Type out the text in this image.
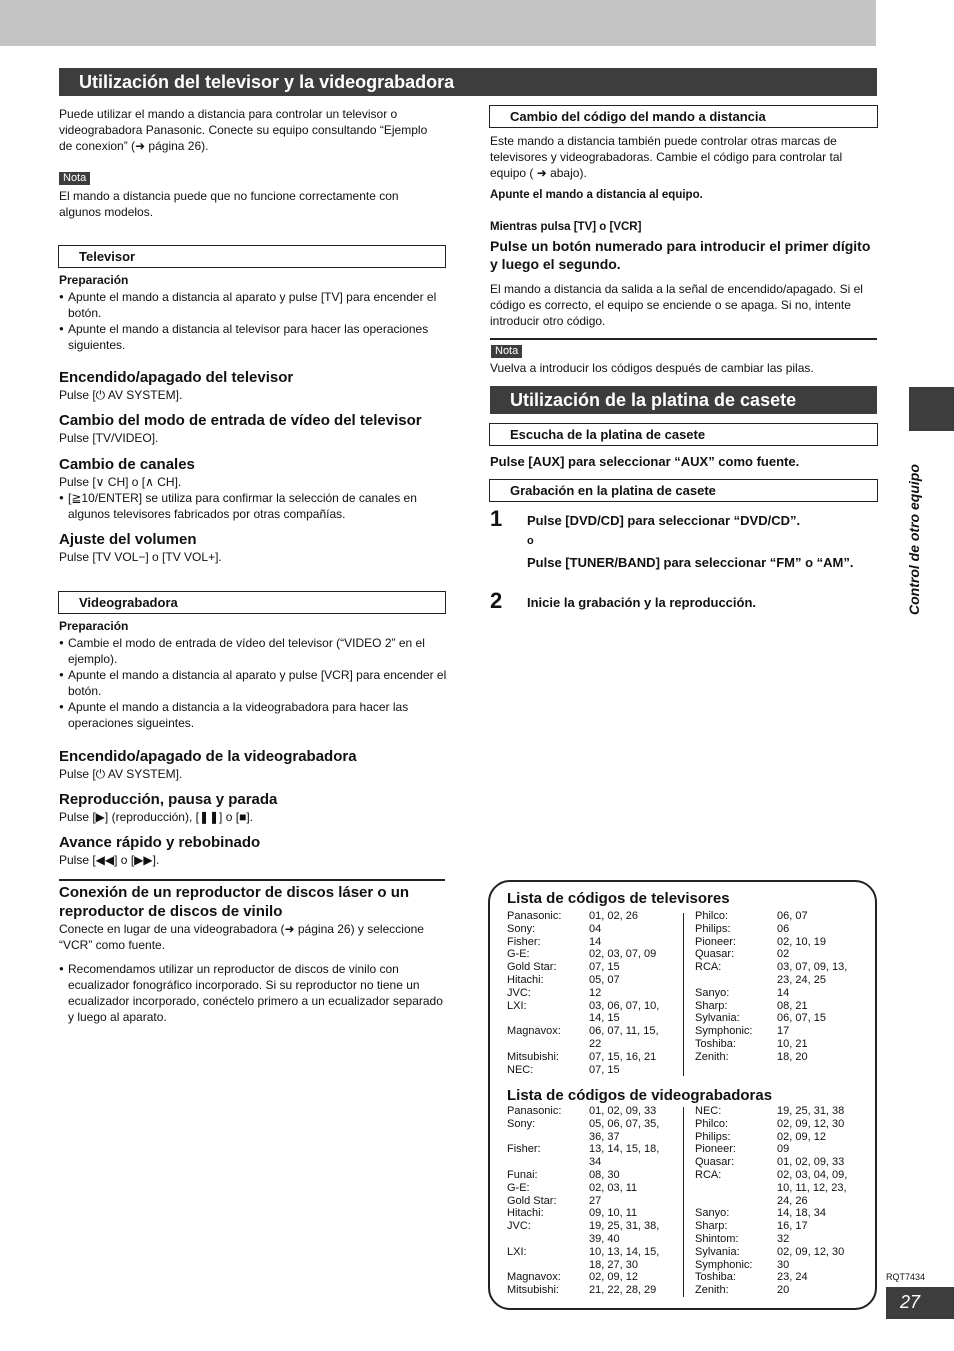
Utilización del televisor y la videograbadora
Puede utilizar el mando a distancia para controlar un televisor o videograbadora Panasonic. Conecte su equipo consultando “Ejemplo de conexion” (➜ página 26).
Nota
El mando a distancia puede que no funcione correctamente con algunos modelos.
Televisor
Preparación
● Apunte el mando a distancia al aparato y pulse [TV] para encender el botón.
● Apunte el mando a distancia al televisor para hacer las operaciones siguientes.
Encendido/apagado del televisor
Pulse [⏻ AV SYSTEM].
Cambio del modo de entrada de vídeo del televisor
Pulse [TV/VIDEO].
Cambio de canales
Pulse [∨ CH] o [∧ CH].
● [≧10/ENTER] se utiliza para confirmar la selección de canales en algunos televisores fabricados por otras compañías.
Ajuste del volumen
Pulse [TV VOL−] o [TV VOL+].
Videograbadora
Preparación
● Cambie el modo de entrada de vídeo del televisor (“VIDEO 2” en el ejemplo).
● Apunte el mando a distancia al aparato y pulse [VCR] para encender el botón.
● Apunte el mando a distancia a la videograbadora para hacer las operaciones sigueintes.
Encendido/apagado de la videograbadora
Pulse [⏻ AV SYSTEM].
Reproducción, pausa y parada
Pulse [▶] (reproducción), [❚❚] o [■].
Avance rápido y rebobinado
Pulse [◀◀] o [▶▶].
Conexión de un reproductor de discos láser o un reproductor de discos de vinilo
Conecte en lugar de una videograbadora (➜ página 26) y seleccione “VCR” como fuente.
● Recomendamos utilizar un reproductor de discos de vinilo con ecualizador fonográfico incorporado. Si su reproductor no tiene un ecualizador incorporado, conéctelo primero a un ecualizador separado y luego al aparato.
Cambio del código del mando a distancia
Este mando a distancia también puede controlar otras marcas de televisores y videograbadoras. Cambie el código para controlar tal equipo ( ➜ abajo).
Apunte el mando a distancia al equipo.
Mientras pulsa [TV] o [VCR]
Pulse un botón numerado para introducir el primer dígito y luego el segundo.
El mando a distancia da salida a la señal de encendido/apagado. Si el código es correcto, el equipo se enciende o se apaga. Si no, intente introducir otro código.
Nota
Vuelva a introducir los códigos después de cambiar las pilas.
Utilización de la platina de casete
Escucha de la platina de casete
Pulse [AUX] para seleccionar “AUX” como fuente.
Grabación en la platina de casete
1 Pulse [DVD/CD] para seleccionar “DVD/CD”.
o
Pulse [TUNER/BAND] para seleccionar “FM” o “AM”.
2 Inicie la grabación y la reproducción.
Lista de códigos de televisores
Panasonic:	01, 02, 26
Sony:	04
Fisher:	14
G-E:	02, 03, 07, 09
Gold Star:	07, 15
Hitachi:	05, 07
JVC:	12
LXI:	03, 06, 07, 10,
14, 15
Magnavox:	06, 07, 11, 15,
22
Mitsubishi:	07, 15, 16, 21
NEC:	07, 15
Philco:	06, 07
Philips:	06
Pioneer:	02, 10, 19
Quasar:	02
RCA:	03, 07, 09, 13,
23, 24, 25
Sanyo:	14
Sharp:	08, 21
Sylvania:	06, 07, 15
Symphonic:	17
Toshiba:	10, 21
Zenith:	18, 20
Lista de códigos de videograbadoras
Panasonic:	01, 02, 09, 33
Sony:	05, 06, 07, 35,
36, 37
Fisher:	13, 14, 15, 18,
34
Funai:	08, 30
G-E:	02, 03, 11
Gold Star:	27
Hitachi:	09, 10, 11
JVC:	19, 25, 31, 38,
39, 40
LXI:	10, 13, 14, 15,
18, 27, 30
Magnavox:	02, 09, 12
Mitsubishi:	21, 22, 28, 29
NEC:	19, 25, 31, 38
Philco:	02, 09, 12, 30
Philips:	02, 09, 12
Pioneer:	09
Quasar:	01, 02, 09, 33
RCA:	02, 03, 04, 09,
10, 11, 12, 23,
24, 26
Sanyo:	14, 18, 34
Sharp:	16, 17
Shintom:	32
Sylvania:	02, 09, 12, 30
Symphonic:	30
Toshiba:	23, 24
Zenith:	20
Control de otro equipo
RQT7434
27
